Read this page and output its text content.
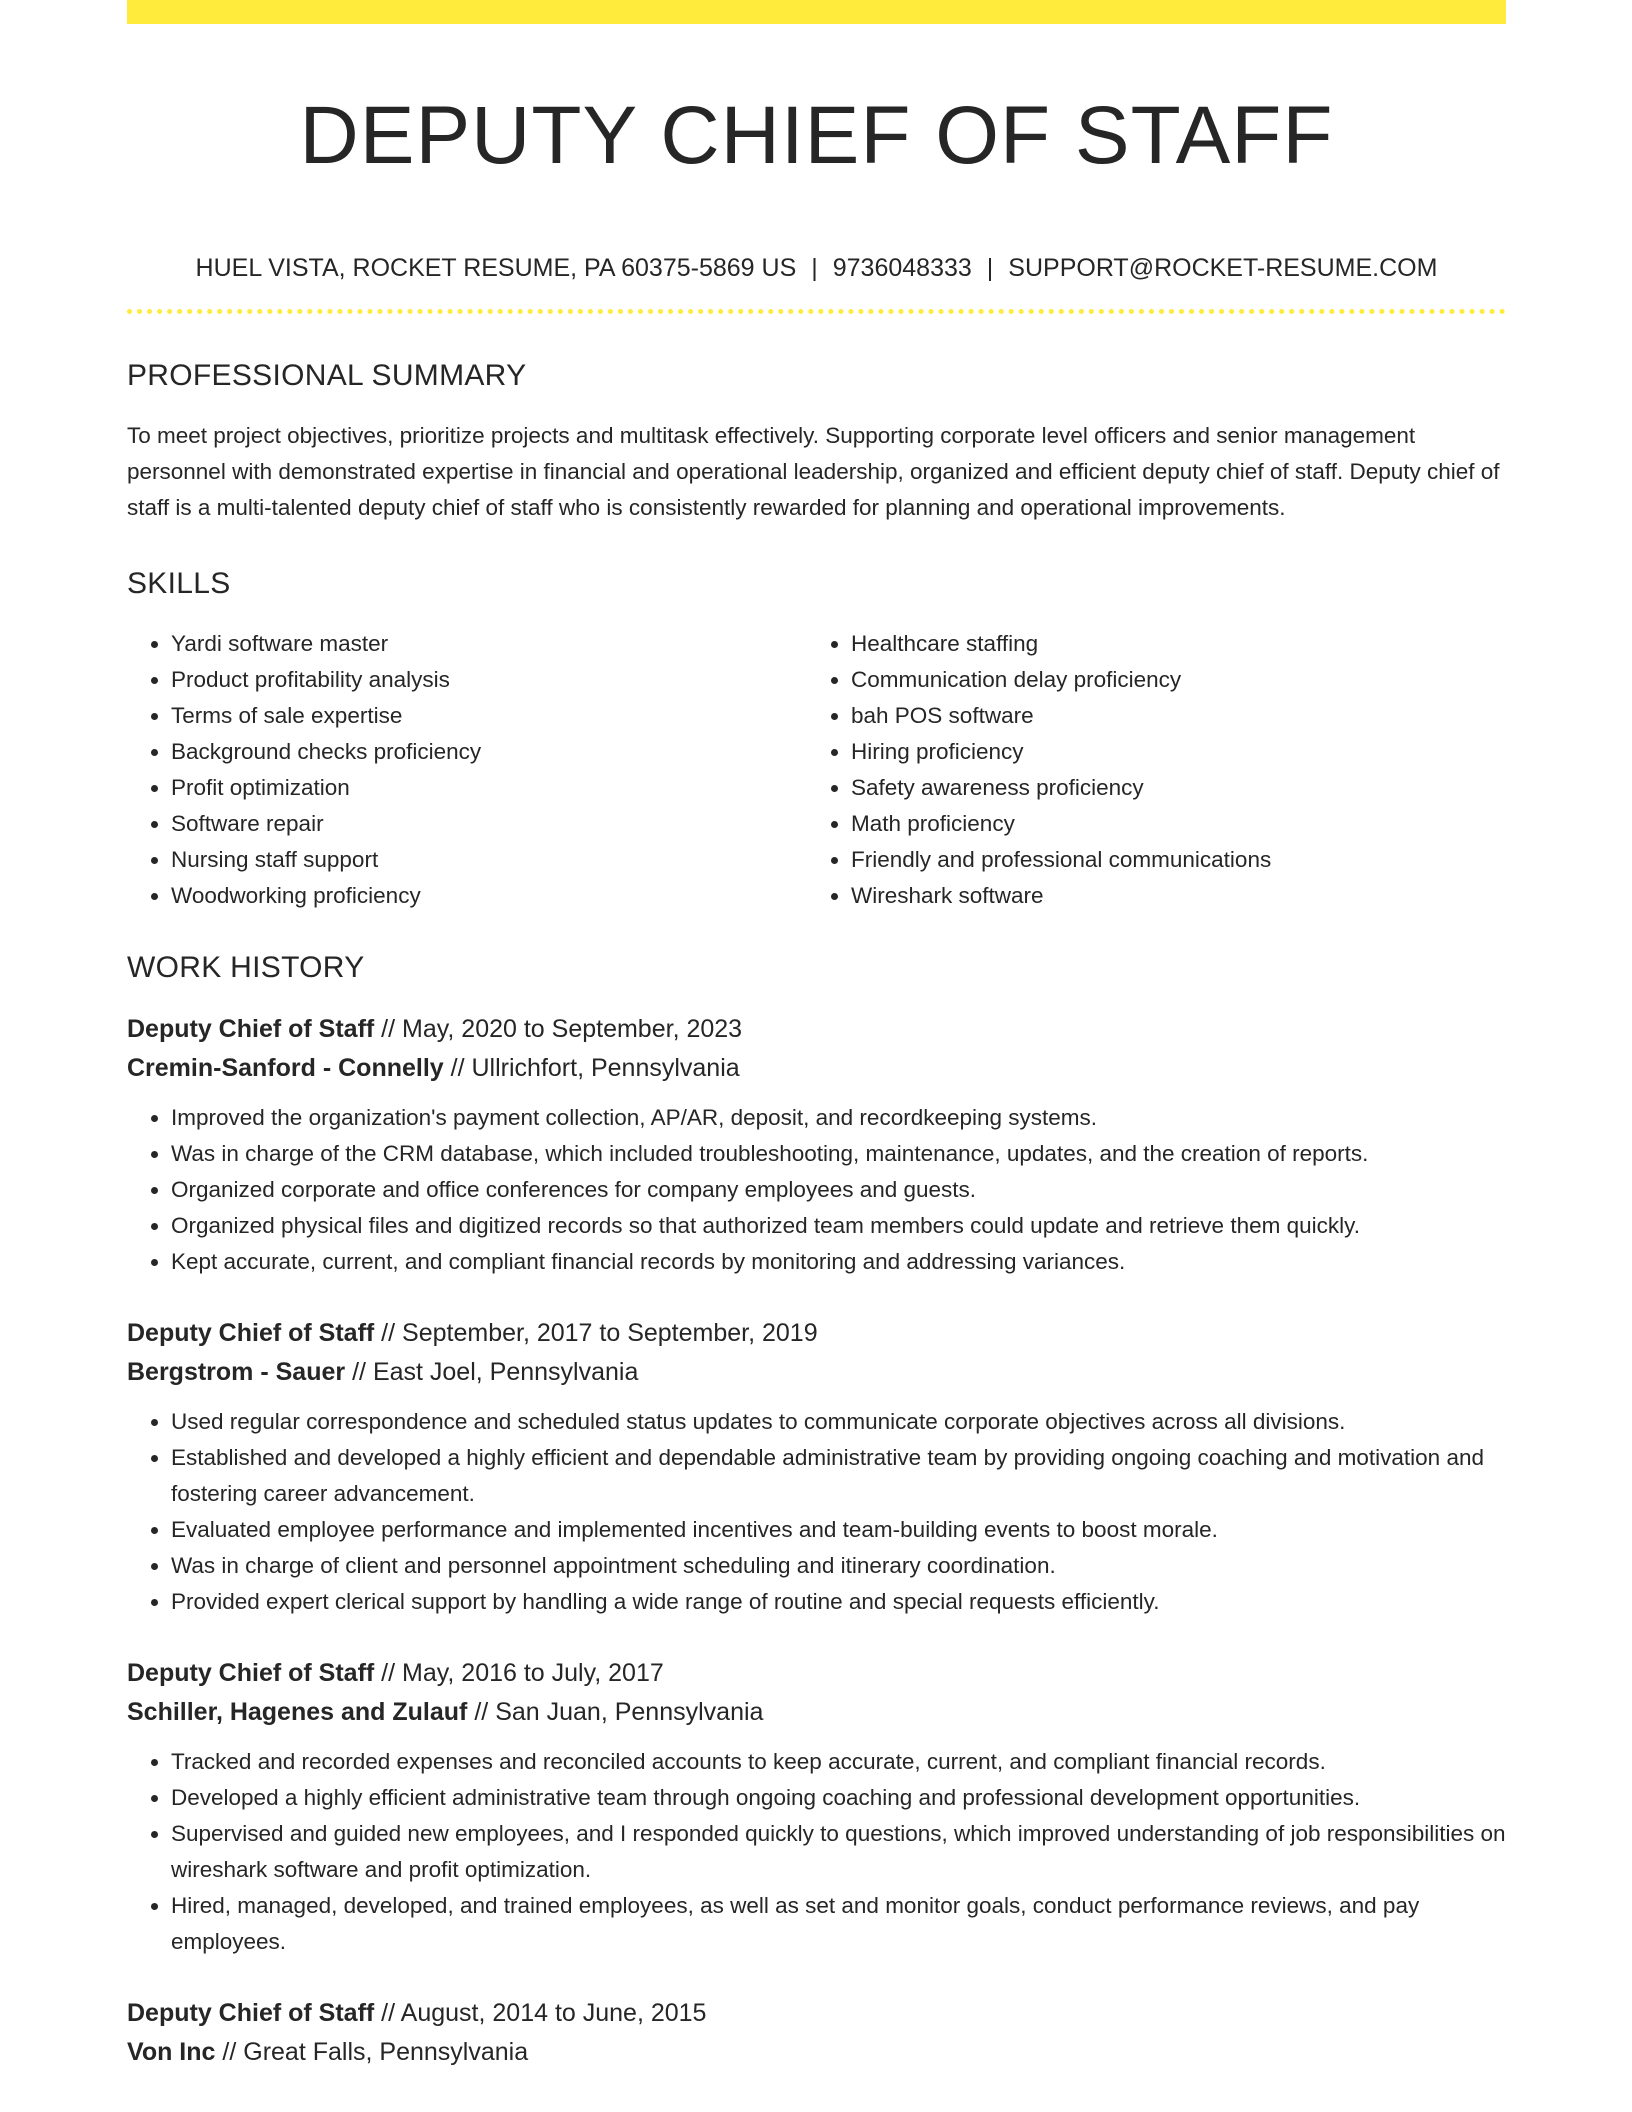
DEPUTY CHIEF OF STAFF
HUEL VISTA, ROCKET RESUME, PA 60375-5869 US | 9736048333 | SUPPORT@ROCKET-RESUME.COM
PROFESSIONAL SUMMARY

To meet project objectives, prioritize projects and multitask effectively. Supporting corporate level officers and senior management personnel with demonstrated expertise in financial and operational leadership, organized and efficient deputy chief of staff. Deputy chief of staff is a multi-talented deputy chief of staff who is consistently rewarded for planning and operational improvements.

SKILLS
• Yardi software master
• Product profitability analysis
• Terms of sale expertise
• Background checks proficiency
• Profit optimization
• Software repair
• Nursing staff support
• Woodworking proficiency
• Healthcare staffing
• Communication delay proficiency
• bah POS software
• Hiring proficiency
• Safety awareness proficiency
• Math proficiency
• Friendly and professional communications
• Wireshark software
WORK HISTORY
Deputy Chief of Staff // May, 2020 to September, 2023
Cremin-Sanford - Connelly // Ullrichfort, Pennsylvania
• Improved the organization's payment collection, AP/AR, deposit, and recordkeeping systems.
• Was in charge of the CRM database, which included troubleshooting, maintenance, updates, and the creation of reports.
• Organized corporate and office conferences for company employees and guests.
• Organized physical files and digitized records so that authorized team members could update and retrieve them quickly.
• Kept accurate, current, and compliant financial records by monitoring and addressing variances.
Deputy Chief of Staff // September, 2017 to September, 2019
Bergstrom - Sauer // East Joel, Pennsylvania
• Used regular correspondence and scheduled status updates to communicate corporate objectives across all divisions.
• Established and developed a highly efficient and dependable administrative team by providing ongoing coaching and motivation and fostering career advancement.
• Evaluated employee performance and implemented incentives and team-building events to boost morale.
• Was in charge of client and personnel appointment scheduling and itinerary coordination.
• Provided expert clerical support by handling a wide range of routine and special requests efficiently.
Deputy Chief of Staff // May, 2016 to July, 2017
Schiller, Hagenes and Zulauf // San Juan, Pennsylvania
• Tracked and recorded expenses and reconciled accounts to keep accurate, current, and compliant financial records.
• Developed a highly efficient administrative team through ongoing coaching and professional development opportunities.
• Supervised and guided new employees, and I responded quickly to questions, which improved understanding of job responsibilities on wireshark software and profit optimization.
• Hired, managed, developed, and trained employees, as well as set and monitor goals, conduct performance reviews, and pay employees.
Deputy Chief of Staff // August, 2014 to June, 2015
Von Inc // Great Falls, Pennsylvania
